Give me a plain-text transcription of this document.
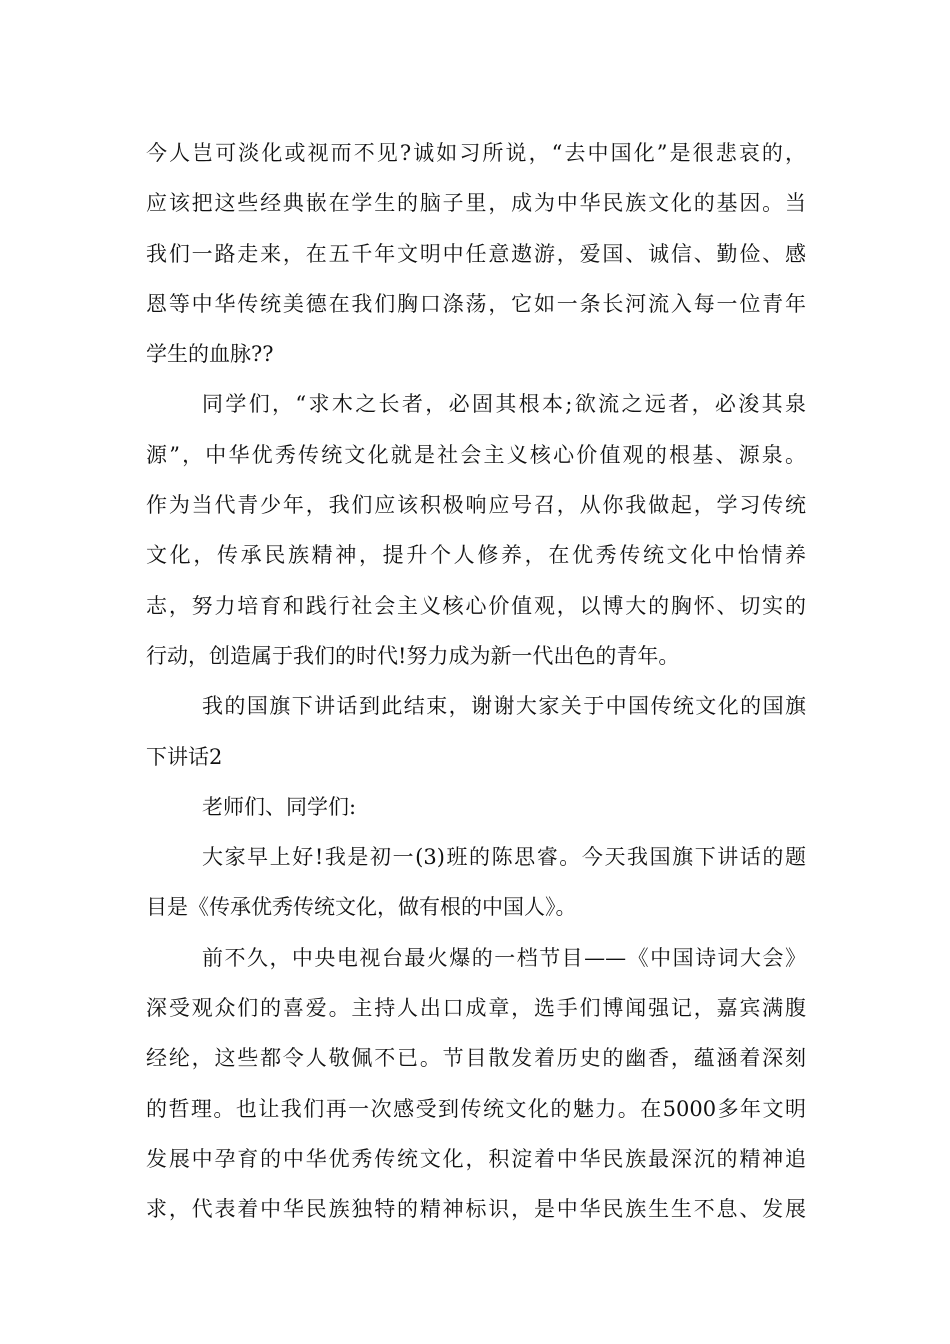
今人岂可淡化或视而不见?诚如习所说，“去中国化”是很悲哀的，
应该把这些经典嵌在学生的脑子里，成为中华民族文化的基因。当
我们一路走来，在五千年文明中任意遨游，爱国、诚信、勤俭、感
恩等中华传统美德在我们胸口涤荡，它如一条长河流入每一位青年
学生的血脉??
同学们，“求木之长者，必固其根本;欲流之远者，必浚其泉
源”，中华优秀传统文化就是社会主义核心价值观的根基、源泉。
作为当代青少年，我们应该积极响应号召，从你我做起，学习传统
文化，传承民族精神，提升个人修养，在优秀传统文化中怡情养
志，努力培育和践行社会主义核心价值观，以博大的胸怀、切实的
行动，创造属于我们的时代!努力成为新一代出色的青年。
我的国旗下讲话到此结束，谢谢大家关于中国传统文化的国旗
下讲话2
老师们、同学们:
大家早上好!我是初一(3)班的陈思睿。今天我国旗下讲话的题
目是《传承优秀传统文化，做有根的中国人》。
前不久，中央电视台最火爆的一档节目——《中国诗词大会》
深受观众们的喜爱。主持人出口成章，选手们博闻强记，嘉宾满腹
经纶，这些都令人敬佩不已。节目散发着历史的幽香，蕴涵着深刻
的哲理。也让我们再一次感受到传统文化的魅力。在5000多年文明
发展中孕育的中华优秀传统文化，积淀着中华民族最深沉的精神追
求，代表着中华民族独特的精神标识，是中华民族生生不息、发展
